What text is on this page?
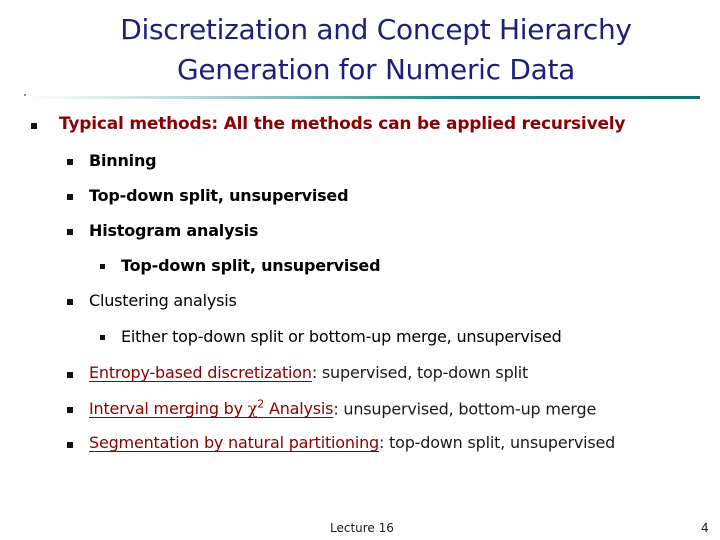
Discretization and Concept Hierarchy
Generation for Numeric Data
Typical methods: All the methods can be applied recursively
Binning
Top-down split, unsupervised
Histogram analysis
Top-down split, unsupervised
Clustering analysis
Either top-down split or bottom-up merge, unsupervised
Entropy-based discretization: supervised, top-down split
Interval merging by $\chi^2$ Analysis: unsupervised, bottom-up merge
Segmentation by natural partitioning: top-down split, unsupervised
Lecture 16	4
